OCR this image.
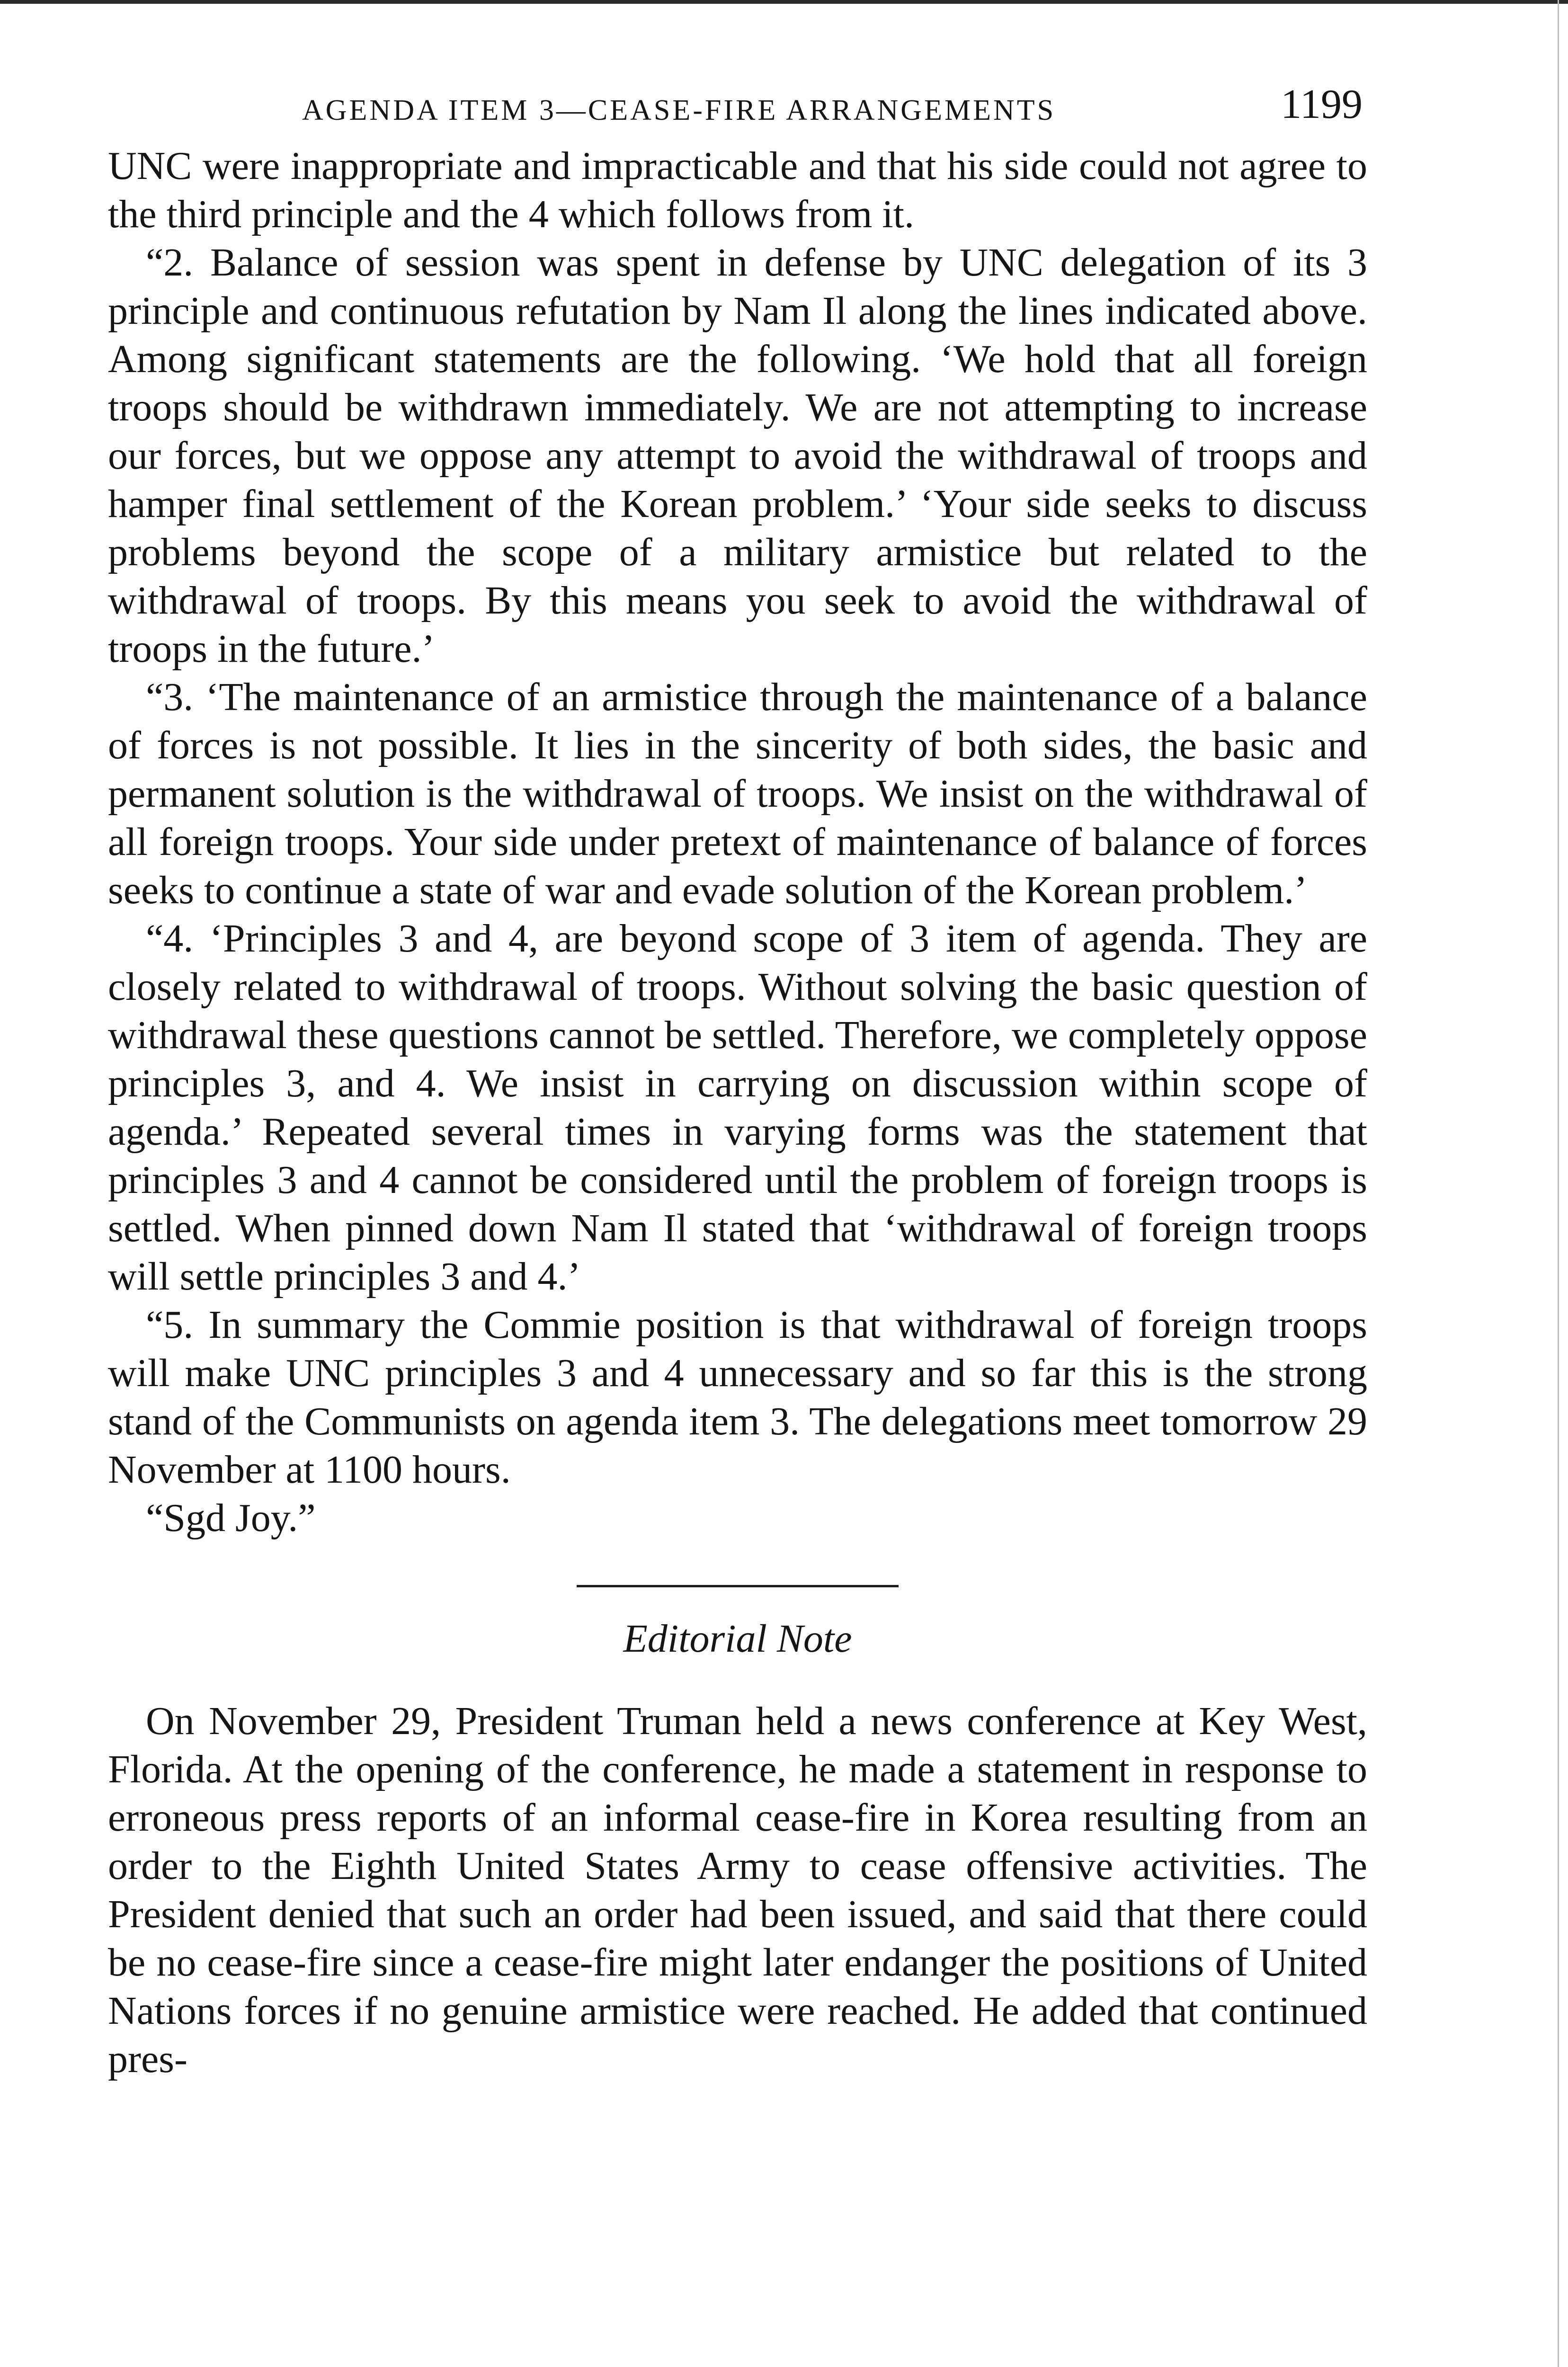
AGENDA ITEM 3—CEASE-FIRE ARRANGEMENTS	1199

UNC were inappropriate and impracticable and that his side could not agree to the third principle and the 4 which follows from it.

“2. Balance of session was spent in defense by UNC delegation of its 3 principle and continuous refutation by Nam Il along the lines indicated above. Among significant statements are the following. ‘We hold that all foreign troops should be withdrawn immediately. We are not attempting to increase our forces, but we oppose any attempt to avoid the withdrawal of troops and hamper final settlement of the Korean problem.’ ‘Your side seeks to discuss problems beyond the scope of a military armistice but related to the withdrawal of troops. By this means you seek to avoid the withdrawal of troops in the future.’

“3. ‘The maintenance of an armistice through the maintenance of a balance of forces is not possible. It lies in the sincerity of both sides, the basic and permanent solution is the withdrawal of troops. We insist on the withdrawal of all foreign troops. Your side under pretext of maintenance of balance of forces seeks to continue a state of war and evade solution of the Korean problem.’

“4. ‘Principles 3 and 4, are beyond scope of 3 item of agenda. They are closely related to withdrawal of troops. Without solving the basic question of withdrawal these questions cannot be settled. Therefore, we completely oppose principles 3, and 4. We insist in carrying on discussion within scope of agenda.’ Repeated several times in varying forms was the statement that principles 3 and 4 cannot be considered until the problem of foreign troops is settled. When pinned down Nam Il stated that ‘withdrawal of foreign troops will settle principles 3 and 4.’

“5. In summary the Commie position is that withdrawal of foreign troops will make UNC principles 3 and 4 unnecessary and so far this is the strong stand of the Communists on agenda item 3. The delegations meet tomorrow 29 November at 1100 hours.

“Sgd Joy.”

Editorial Note

On November 29, President Truman held a news conference at Key West, Florida. At the opening of the conference, he made a statement in response to erroneous press reports of an informal cease-fire in Korea resulting from an order to the Eighth United States Army to cease offensive activities. The President denied that such an order had been issued, and said that there could be no cease-fire since a cease-fire might later endanger the positions of United Nations forces if no genuine armistice were reached. He added that continued pres-
